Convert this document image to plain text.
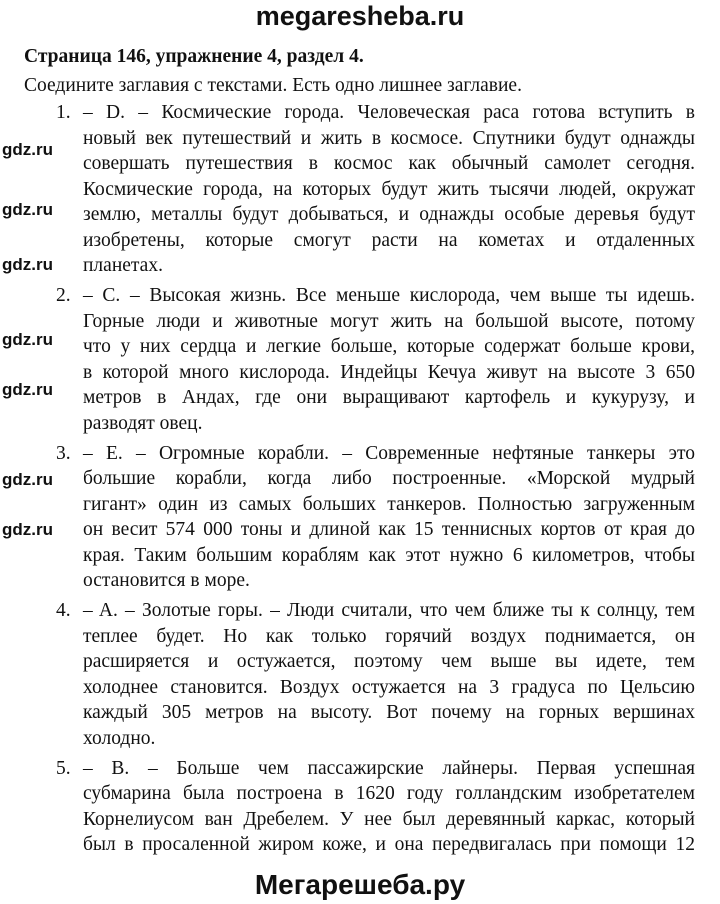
megaresheba.ru
Страница 146, упражнение 4, раздел 4.
Соедините заглавия с текстами. Есть одно лишнее заглавие.
1. – D. – Космические города. Человеческая раса готова вступить в
новый век путешествий и жить в космосе. Спутники будут однажды
совершать путешествия в космос как обычный самолет сегодня.
Космические города, на которых будут жить тысячи людей, окружат
землю, металлы будут добываться, и однажды особые деревья будут
изобретены, которые смогут расти на кометах и отдаленных
планетах.
2. – C. – Высокая жизнь. Все меньше кислорода, чем выше ты идешь.
Горные люди и животные могут жить на большой высоте, потому
что у них сердца и легкие больше, которые содержат больше крови,
в которой много кислорода. Индейцы Кечуа живут на высоте 3 650
метров в Андах, где они выращивают картофель и кукурузу, и
разводят овец.
3. – E. – Огромные корабли. – Современные нефтяные танкеры это
большие корабли, когда либо построенные. «Морской мудрый
гигант» один из самых больших танкеров. Полностью загруженным
он весит 574 000 тоны и длиной как 15 теннисных кортов от края до
края. Таким большим кораблям как этот нужно 6 километров, чтобы
остановится в море.
4. – A. – Золотые горы. – Люди считали, что чем ближе ты к солнцу, тем
теплее будет. Но как только горячий воздух поднимается, он
расширяется и остужается, поэтому чем выше вы идете, тем
холоднее становится. Воздух остужается на 3 градуса по Цельсию
каждый 305 метров на высоту. Вот почему на горных вершинах
холодно.
5. – B. – Больше чем пассажирские лайнеры. Первая успешная
субмарина была построена в 1620 году голландским изобретателем
Корнелиусом ван Дребелем. У нее был деревянный каркас, который
был в просаленной жиром коже, и она передвигалась при помощи 12
gdz.ru
gdz.ru
gdz.ru
gdz.ru
gdz.ru
gdz.ru
gdz.ru
Мегарешеба.ру
